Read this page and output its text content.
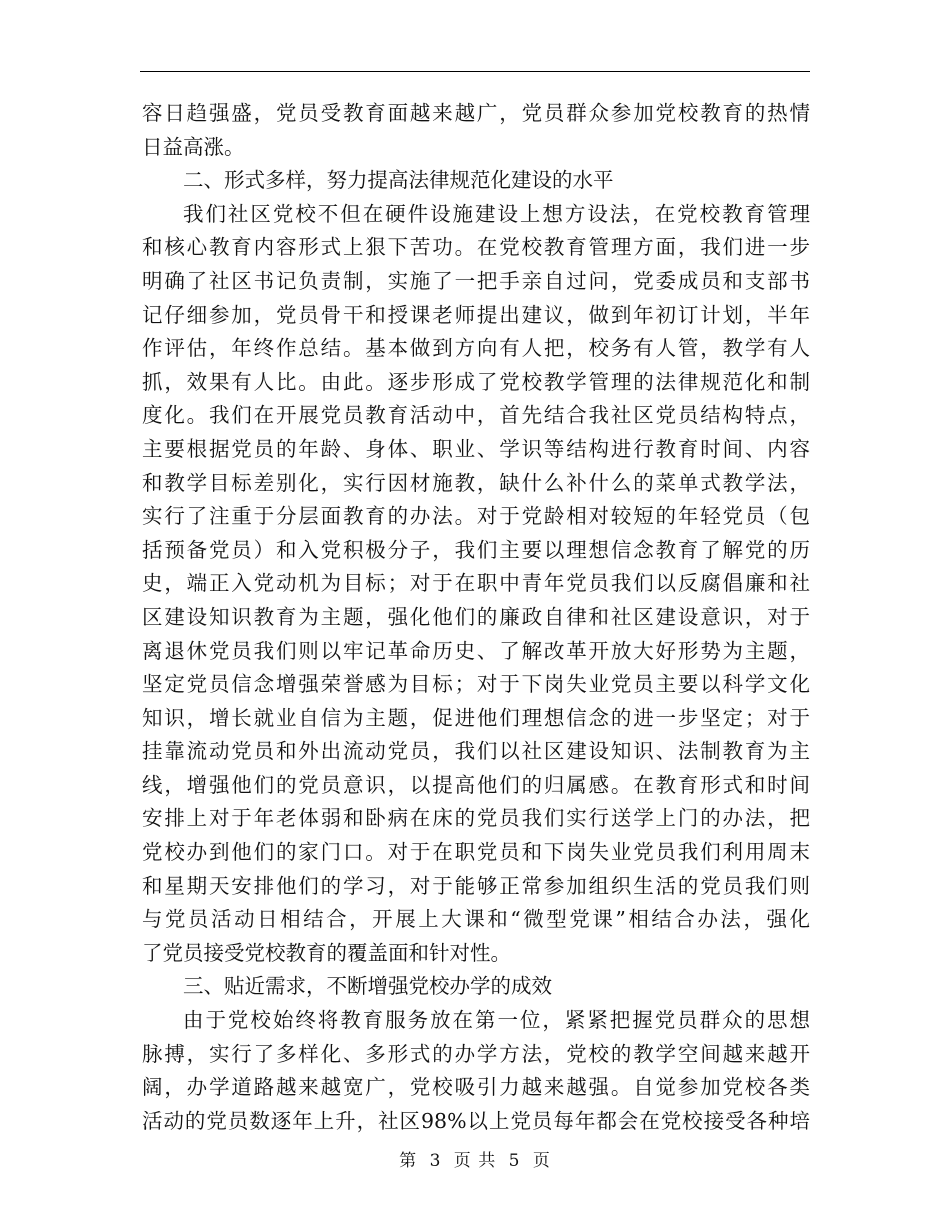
容日趋强盛，党员受教育面越来越广，党员群众参加党校教育的热情
日益高涨。
二、形式多样，努力提高法律规范化建设的水平
我们社区党校不但在硬件设施建设上想方设法，在党校教育管理
和核心教育内容形式上狠下苦功。在党校教育管理方面，我们进一步
明确了社区书记负责制，实施了一把手亲自过问，党委成员和支部书
记仔细参加，党员骨干和授课老师提出建议，做到年初订计划，半年
作评估，年终作总结。基本做到方向有人把，校务有人管，教学有人
抓，效果有人比。由此。逐步形成了党校教学管理的法律规范化和制
度化。我们在开展党员教育活动中，首先结合我社区党员结构特点，
主要根据党员的年龄、身体、职业、学识等结构进行教育时间、内容
和教学目标差别化，实行因材施教，缺什么补什么的菜单式教学法，
实行了注重于分层面教育的办法。对于党龄相对较短的年轻党员（包
括预备党员）和入党积极分子，我们主要以理想信念教育了解党的历
史，端正入党动机为目标；对于在职中青年党员我们以反腐倡廉和社
区建设知识教育为主题，强化他们的廉政自律和社区建设意识，对于
离退休党员我们则以牢记革命历史、了解改革开放大好形势为主题，
坚定党员信念增强荣誉感为目标；对于下岗失业党员主要以科学文化
知识，增长就业自信为主题，促进他们理想信念的进一步坚定；对于
挂靠流动党员和外出流动党员，我们以社区建设知识、法制教育为主
线，增强他们的党员意识，以提高他们的归属感。在教育形式和时间
安排上对于年老体弱和卧病在床的党员我们实行送学上门的办法，把
党校办到他们的家门口。对于在职党员和下岗失业党员我们利用周末
和星期天安排他们的学习，对于能够正常参加组织生活的党员我们则
与党员活动日相结合，开展上大课和“微型党课”相结合办法，强化
了党员接受党校教育的覆盖面和针对性。
三、贴近需求，不断增强党校办学的成效
由于党校始终将教育服务放在第一位，紧紧把握党员群众的思想
脉搏，实行了多样化、多形式的办学方法，党校的教学空间越来越开
阔，办学道路越来越宽广，党校吸引力越来越强。自觉参加党校各类
活动的党员数逐年上升，社区98%以上党员每年都会在党校接受各种培
第 3 页 共 5 页
